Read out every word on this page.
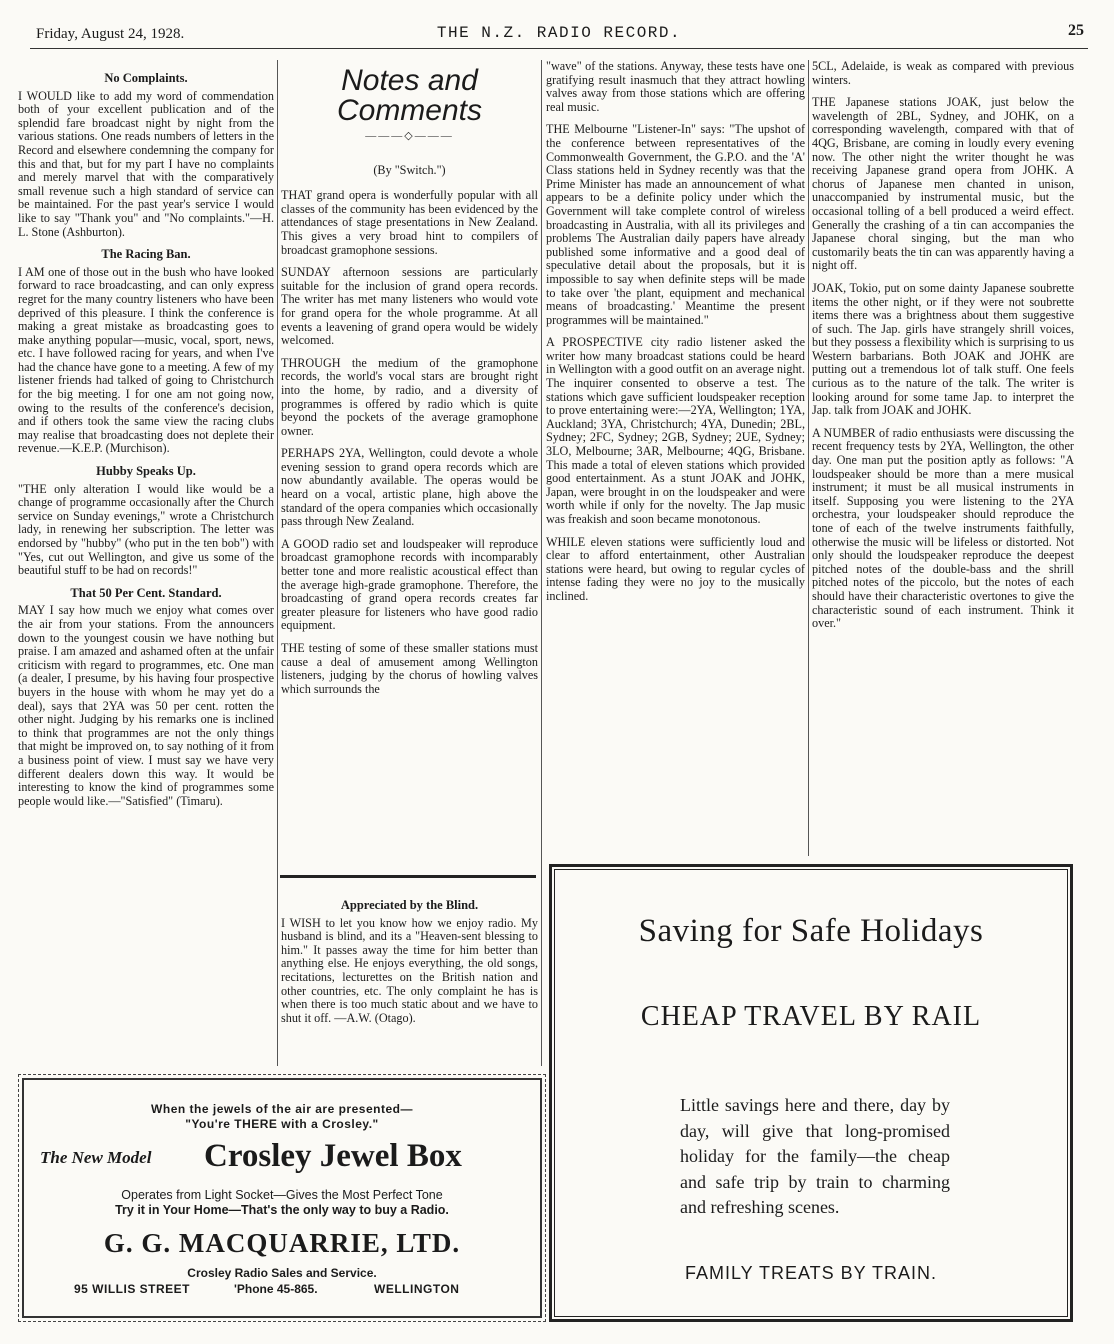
Friday, August 24, 1928.	THE N.Z. RADIO RECORD.	25
No Complaints.

I WOULD like to add my word of commendation both of your excellent publication and of the splendid fare broadcast night by night from the various stations. One reads numbers of letters in the Record and elsewhere condemning the company for this and that, but for my part I have no complaints and merely marvel that with the comparatively small revenue such a high standard of service can be maintained. For the past year's service I would like to say "Thank you" and "No complaints."—H. L. Stone (Ashburton).

The Racing Ban.

I AM one of those out in the bush who have looked forward to race broadcasting, and can only express regret for the many country listeners who have been deprived of this pleasure. I think the conference is making a great mistake as broadcasting goes to make anything popular—music, vocal, sport, news, etc. I have followed racing for years, and when I've had the chance have gone to a meeting. A few of my listener friends had talked of going to Christchurch for the big meeting. I for one am not going now, owing to the results of the conference's decision, and if others took the same view the racing clubs may realise that broadcasting does not deplete their revenue.—K.E.P. (Murchison).

Hubby Speaks Up.

"THE only alteration I would like would be a change of programme occasionally after the Church service on Sunday evenings," wrote a Christchurch lady, in renewing her subscription. The letter was endorsed by "hubby" (who put in the ten bob") with "Yes, cut out Wellington, and give us some of the beautiful stuff to be had on records!"

That 50 Per Cent. Standard.

MAY I say how much we enjoy what comes over the air from your stations. From the announcers down to the youngest cousin we have nothing but praise. I am amazed and ashamed often at the unfair criticism with regard to programmes, etc. One man (a dealer, I presume, by his having four prospective buyers in the house with whom he may yet do a deal), says that 2YA was 50 per cent. rotten the other night. Judging by his remarks one is inclined to think that programmes are not the only things that might be improved on, to say nothing of it from a business point of view. I must say we have very different dealers down this way. It would be interesting to know the kind of programmes some people would like.—"Satisfied" (Timaru).

Notes and
Comments
———◇———
(By "Switch.")

THAT grand opera is wonderfully popular with all classes of the community has been evidenced by the attendances of stage presentations in New Zealand. This gives a very broad hint to compilers of broadcast gramophone sessions.

SUNDAY afternoon sessions are particularly suitable for the inclusion of grand opera records. The writer has met many listeners who would vote for grand opera for the whole programme. At all events a leavening of grand opera would be widely welcomed.

THROUGH the medium of the gramophone records, the world's vocal stars are brought right into the home, by radio, and a diversity of programmes is offered by radio which is quite beyond the pockets of the average gramophone owner.

PERHAPS 2YA, Wellington, could devote a whole evening session to grand opera records which are now abundantly available. The operas would be heard on a vocal, artistic plane, high above the standard of the opera companies which occasionally pass through New Zealand.

A GOOD radio set and loudspeaker will reproduce broadcast gramophone records with incomparably better tone and more realistic acoustical effect than the average high-grade gramophone. Therefore, the broadcasting of grand opera records creates far greater pleasure for listeners who have good radio equipment.

THE testing of some of these smaller stations must cause a deal of amusement among Wellington listeners, judging by the chorus of howling valves which surrounds the

Appreciated by the Blind.

I WISH to let you know how we enjoy radio. My husband is blind, and its a "Heaven-sent blessing to him." It passes away the time for him better than anything else. He enjoys everything, the old songs, recitations, lecturettes on the British nation and other countries, etc. The only complaint he has is when there is too much static about and we have to shut it off. —A.W. (Otago).

"wave" of the stations. Anyway, these tests have one gratifying result inasmuch that they attract howling valves away from those stations which are offering real music.

THE Melbourne "Listener-In" says: "The upshot of the conference between representatives of the Commonwealth Government, the G.P.O. and the 'A' Class stations held in Sydney recently was that the Prime Minister has made an announcement of what appears to be a definite policy under which the Government will take complete control of wireless broadcasting in Australia, with all its privileges and problems The Australian daily papers have already published some informative and a good deal of speculative detail about the proposals, but it is impossible to say when definite steps will be made to take over 'the plant, equipment and mechanical means of broadcasting.' Meantime the present programmes will be maintained."

A PROSPECTIVE city radio listener asked the writer how many broadcast stations could be heard in Wellington with a good outfit on an average night. The inquirer consented to observe a test. The stations which gave sufficient loudspeaker reception to prove entertaining were:—2YA, Wellington; 1YA, Auckland; 3YA, Christchurch; 4YA, Dunedin; 2BL, Sydney; 2FC, Sydney; 2GB, Sydney; 2UE, Sydney; 3LO, Melbourne; 3AR, Melbourne; 4QG, Brisbane. This made a total of eleven stations which provided good entertainment. As a stunt JOAK and JOHK, Japan, were brought in on the loudspeaker and were worth while if only for the novelty. The Jap music was freakish and soon became monotonous.

WHILE eleven stations were sufficiently loud and clear to afford entertainment, other Australian stations were heard, but owing to regular cycles of intense fading they were no joy to the musically inclined.

5CL, Adelaide, is weak as compared with previous winters.

THE Japanese stations JOAK, just below the wavelength of 2BL, Sydney, and JOHK, on a corresponding wavelength, compared with that of 4QG, Brisbane, are coming in loudly every evening now. The other night the writer thought he was receiving Japanese grand opera from JOHK. A chorus of Japanese men chanted in unison, unaccompanied by instrumental music, but the occasional tolling of a bell produced a weird effect. Generally the crashing of a tin can accompanies the Japanese choral singing, but the man who customarily beats the tin can was apparently having a night off.

JOAK, Tokio, put on some dainty Japanese soubrette items the other night, or if they were not soubrette items there was a brightness about them suggestive of such. The Jap. girls have strangely shrill voices, but they possess a flexibility which is surprising to us Western barbarians. Both JOAK and JOHK are putting out a tremendous lot of talk stuff. One feels curious as to the nature of the talk. The writer is looking around for some tame Jap. to interpret the Jap. talk from JOAK and JOHK.

A NUMBER of radio enthusiasts were discussing the recent frequency tests by 2YA, Wellington, the other day. One man put the position aptly as follows: "A loudspeaker should be more than a mere musical instrument; it must be all musical instruments in itself. Supposing you were listening to the 2YA orchestra, your loudspeaker should reproduce the tone of each of the twelve instruments faithfully, otherwise the music will be lifeless or distorted. Not only should the loudspeaker reproduce the deepest pitched notes of the double-bass and the shrill pitched notes of the piccolo, but the notes of each should have their characteristic overtones to give the characteristic sound of each instrument. Think it over."

When the jewels of the air are presented—
"You're THERE with a Crosley."
The New Model Crosley Jewel Box
Operates from Light Socket—Gives the Most Perfect Tone
Try it in Your Home—That's the only way to buy a Radio.
G. G. MACQUARRIE, LTD.
Crosley Radio Sales and Service.
95 WILLIS STREET	'Phone 45-865.	WELLINGTON
Saving for Safe Holidays
CHEAP TRAVEL BY RAIL
Little savings here and there, day by day, will give that long-promised holiday for the family—the cheap and safe trip by train to charming and refreshing scenes.
FAMILY TREATS BY TRAIN.
